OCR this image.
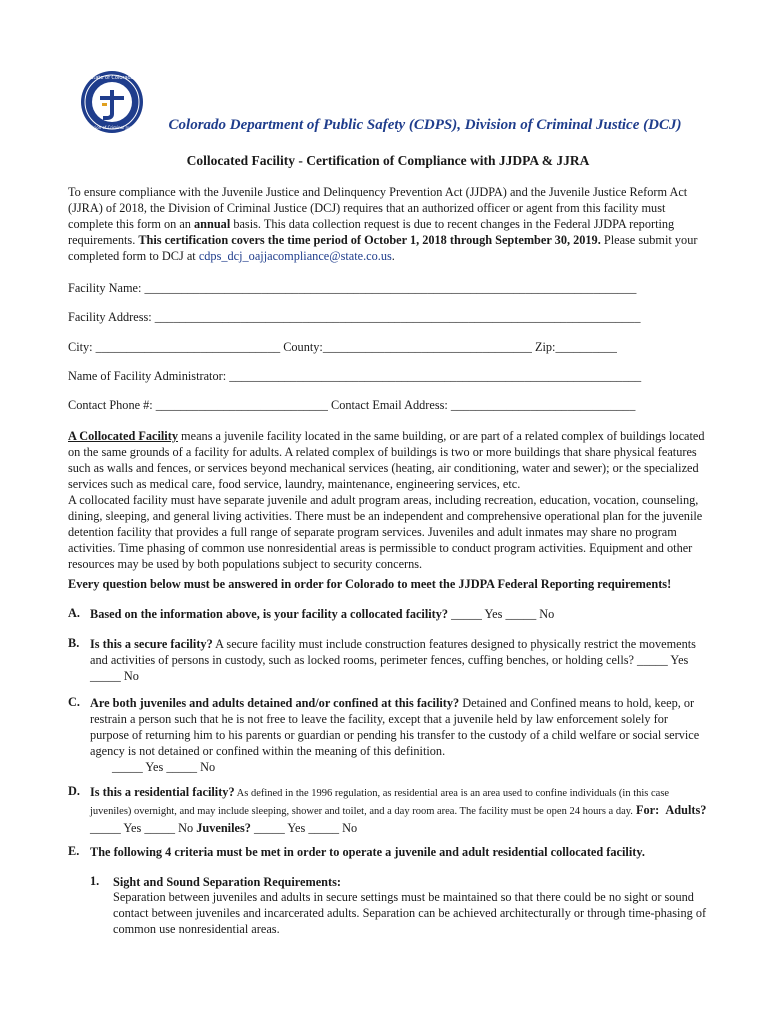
State of Colorado
Division of Criminal Justice	Colorado Department of Public Safety (CDPS), Division of Criminal Justice (DCJ)
Collocated Facility - Certification of Compliance with JJDPA & JJRA
To ensure compliance with the Juvenile Justice and Delinquency Prevention Act (JJDPA) and the Juvenile Justice Reform Act (JJRA) of 2018, the Division of Criminal Justice (DCJ) requires that an authorized officer or agent from this facility must complete this form on an annual basis. This data collection request is due to recent changes in the Federal JJDPA reporting requirements. This certification covers the time period of October 1, 2018 through September 30, 2019. Please submit your completed form to DCJ at cdps_dcj_oajjacompliance@state.co.us.
Facility Name: ________________________________________________________________________________
Facility Address: _______________________________________________________________________________
City: ______________________________ County:__________________________________ Zip:__________
Name of Facility Administrator: ___________________________________________________________________
Contact Phone #: ____________________________ Contact Email Address: ______________________________
A Collocated Facility means a juvenile facility located in the same building, or are part of a related complex of buildings located on the same grounds of a facility for adults. A related complex of buildings is two or more buildings that share physical features such as walls and fences, or services beyond mechanical services (heating, air conditioning, water and sewer); or the specialized services such as medical care, food service, laundry, maintenance, engineering services, etc.
A collocated facility must have separate juvenile and adult program areas, including recreation, education, vocation, counseling, dining, sleeping, and general living activities. There must be an independent and comprehensive operational plan for the juvenile detention facility that provides a full range of separate program services. Juveniles and adult inmates may share no program activities. Time phasing of common use nonresidential areas is permissible to conduct program activities. Equipment and other resources may be used by both populations subject to security concerns.
Every question below must be answered in order for Colorado to meet the JJDPA Federal Reporting requirements!
A. Based on the information above, is your facility a collocated facility? _____ Yes _____ No
B. Is this a secure facility? A secure facility must include construction features designed to physically restrict the movements and activities of persons in custody, such as locked rooms, perimeter fences, cuffing benches, or holding cells? _____ Yes _____ No
C. Are both juveniles and adults detained and/or confined at this facility? Detained and Confined means to hold, keep, or restrain a person such that he is not free to leave the facility, except that a juvenile held by law enforcement solely for purpose of returning him to his parents or guardian or pending his transfer to the custody of a child welfare or social service agency is not detained or confined within the meaning of this definition.
_____ Yes _____ No
D. Is this a residential facility? As defined in the 1996 regulation, as residential area is an area used to confine individuals (in this case juveniles) overnight, and may include sleeping, shower and toilet, and a day room area. The facility must be open 24 hours a day. For: Adults? _____ Yes _____ No Juveniles? _____ Yes _____ No
E. The following 4 criteria must be met in order to operate a juvenile and adult residential collocated facility.
1. Sight and Sound Separation Requirements:
Separation between juveniles and adults in secure settings must be maintained so that there could be no sight or sound contact between juveniles and incarcerated adults. Separation can be achieved architecturally or through time-phasing of common use nonresidential areas.
